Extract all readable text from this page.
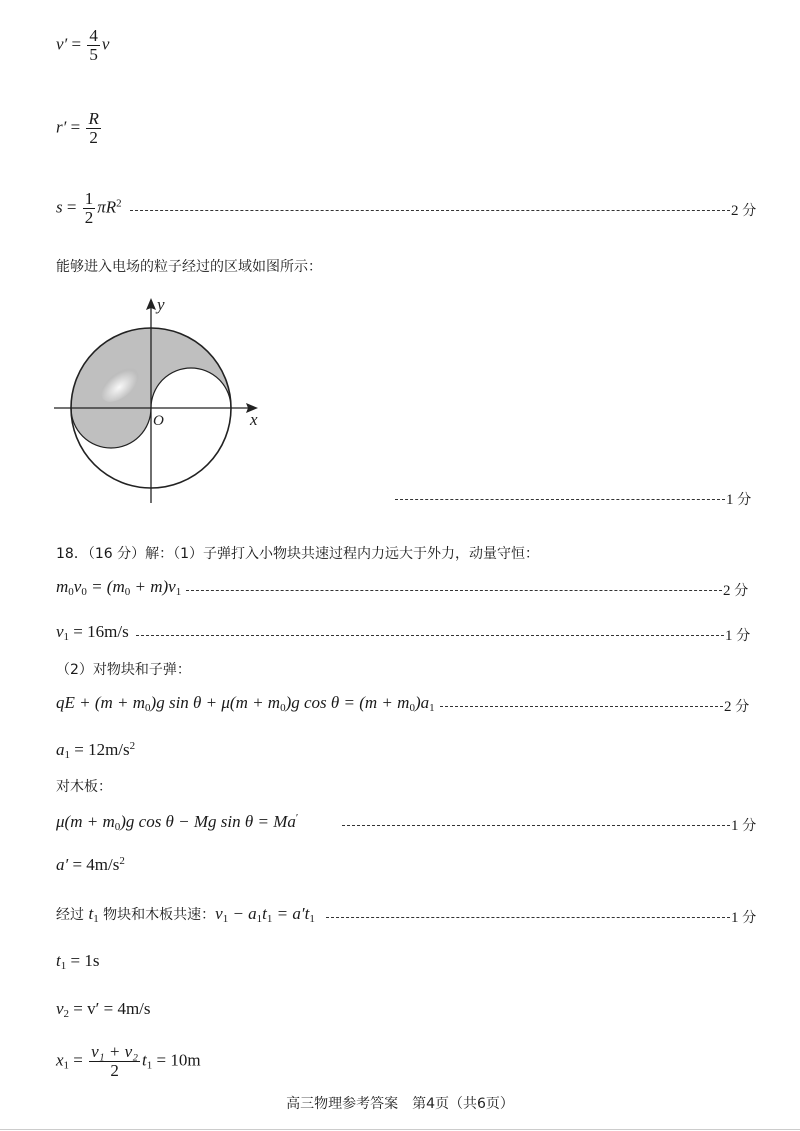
$v' = \frac{4}{5}$ v
$r' = \frac{R}{2}$
$s = \frac{1}{2} \pi R^2$	2 分
能够进入电场的粒子经过的区域如图所示：
y
x
O
1 分
18．（16 分）解：（1）子弹打入小物块共速过程内力远大于外力，动量守恒：
$m_0v_0 = (m_0 + m)v_1$	2 分
$v_1 = 16m/s$	1 分
（2）对物块和子弹：
qE + $(m + m_0)g$ $\sin \theta + \mu(m + m_0)g$ $\cos \theta = (m + m_0)a_1$	2 分
$a_1 = 12m/s^2$
对木板：
$\mu(m + m_0)g$ cos θ − Mg sin θ = Ma′	1 分
$a' = 4m/s^2$
经过 $t_1$ 物块和木板共速：$v_1 - a_1t_1 = a't_1$	1 分
$t_1 = 1s$
$v_2 = v' = 4m/s$
$x_1 = \frac{\text{v₁ + v₂}}{2} t_1 = 10m$
高三物理参考答案　第4页（共6页）
